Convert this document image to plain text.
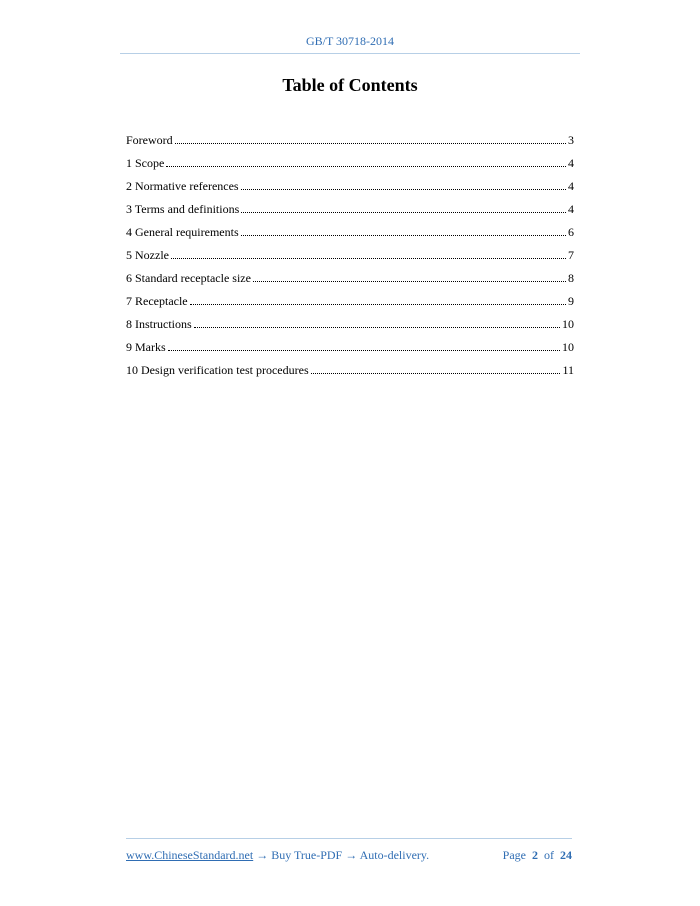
GB/T 30718-2014
Table of Contents
Foreword	3
1 Scope	4
2 Normative references	4
3 Terms and definitions	4
4 General requirements	6
5 Nozzle	7
6 Standard receptacle size	8
7 Receptacle	9
8 Instructions	10
9 Marks	10
10 Design verification test procedures	11
www.ChineseStandard.net → Buy True-PDF → Auto-delivery.	Page 2 of 24
